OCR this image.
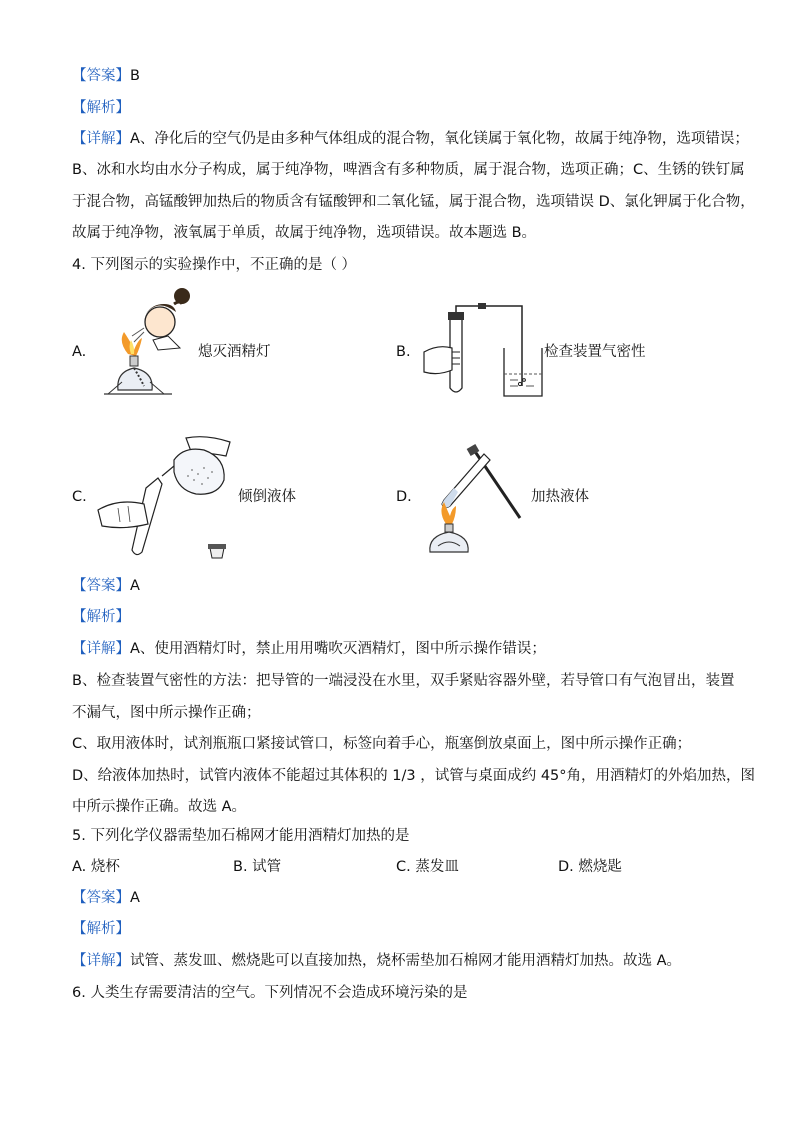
【答案】B
【解析】
【详解】A、净化后的空气仍是由多种气体组成的混合物，氧化镁属于氧化物，故属于纯净物，选项错误；
B、冰和水均由水分子构成，属于纯净物，啤酒含有多种物质，属于混合物，选项正确；C、生锈的铁钉属
于混合物，高锰酸钾加热后的物质含有锰酸钾和二氧化锰，属于混合物，选项错误 D、氯化钾属于化合物，
故属于纯净物，液氧属于单质，故属于纯净物，选项错误。故本题选 B。
4. 下列图示的实验操作中，不正确的是（ ）
A.	熄灭酒精灯	B.	检查装置气密性
C.	倾倒液体	D.	加热液体
【答案】A
【解析】
【详解】A、使用酒精灯时，禁止用用嘴吹灭酒精灯，图中所示操作错误；
B、检查装置气密性的方法：把导管的一端浸没在水里，双手紧贴容器外壁，若导管口有气泡冒出，装置
不漏气，图中所示操作正确；
C、取用液体时，试剂瓶瓶口紧接试管口，标签向着手心，瓶塞倒放桌面上，图中所示操作正确；
D、给液体加热时，试管内液体不能超过其体积的 1/3 ，试管与桌面成约 45°角，用酒精灯的外焰加热，图
中所示操作正确。故选 A。
5. 下列化学仪器需垫加石棉网才能用酒精灯加热的是
A. 烧杯	B. 试管	C. 蒸发皿	D. 燃烧匙
【答案】A
【解析】
【详解】试管、蒸发皿、燃烧匙可以直接加热，烧杯需垫加石棉网才能用酒精灯加热。故选 A。
6. 人类生存需要清洁的空气。下列情况不会造成环境污染的是
